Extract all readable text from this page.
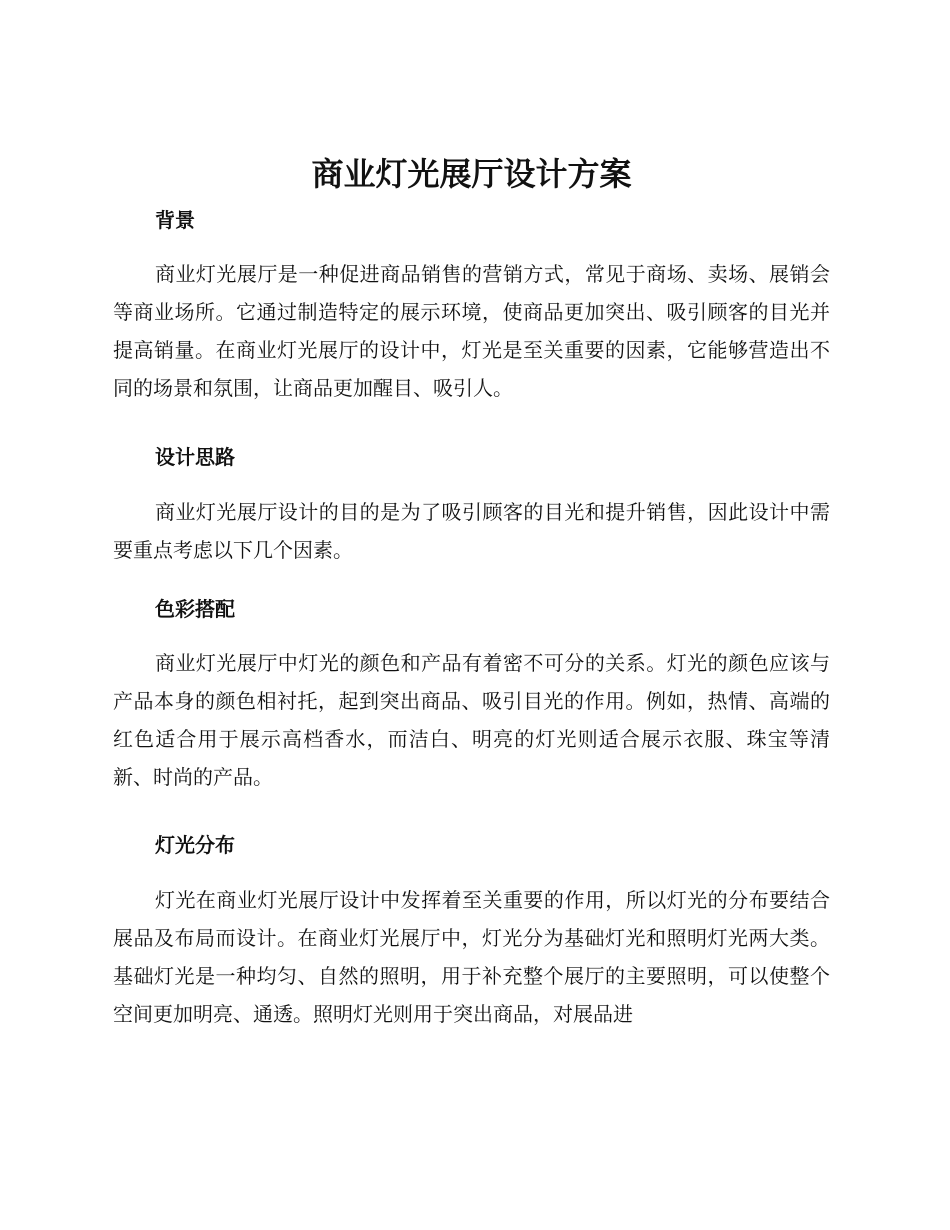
商业灯光展厅设计方案
背景

商业灯光展厅是一种促进商品销售的营销方式，常见于商场、卖场、展销会等商业场所。它通过制造特定的展示环境，使商品更加突出、吸引顾客的目光并提高销量。在商业灯光展厅的设计中，灯光是至关重要的因素，它能够营造出不同的场景和氛围，让商品更加醒目、吸引人。

设计思路

商业灯光展厅设计的目的是为了吸引顾客的目光和提升销售，因此设计中需要重点考虑以下几个因素。

色彩搭配

商业灯光展厅中灯光的颜色和产品有着密不可分的关系。灯光的颜色应该与产品本身的颜色相衬托，起到突出商品、吸引目光的作用。例如，热情、高端的红色适合用于展示高档香水，而洁白、明亮的灯光则适合展示衣服、珠宝等清新、时尚的产品。

灯光分布

灯光在商业灯光展厅设计中发挥着至关重要的作用，所以灯光的分布要结合展品及布局而设计。在商业灯光展厅中，灯光分为基础灯光和照明灯光两大类。基础灯光是一种均匀、自然的照明，用于补充整个展厅的主要照明，可以使整个空间更加明亮、通透。照明灯光则用于突出商品，对展品进
